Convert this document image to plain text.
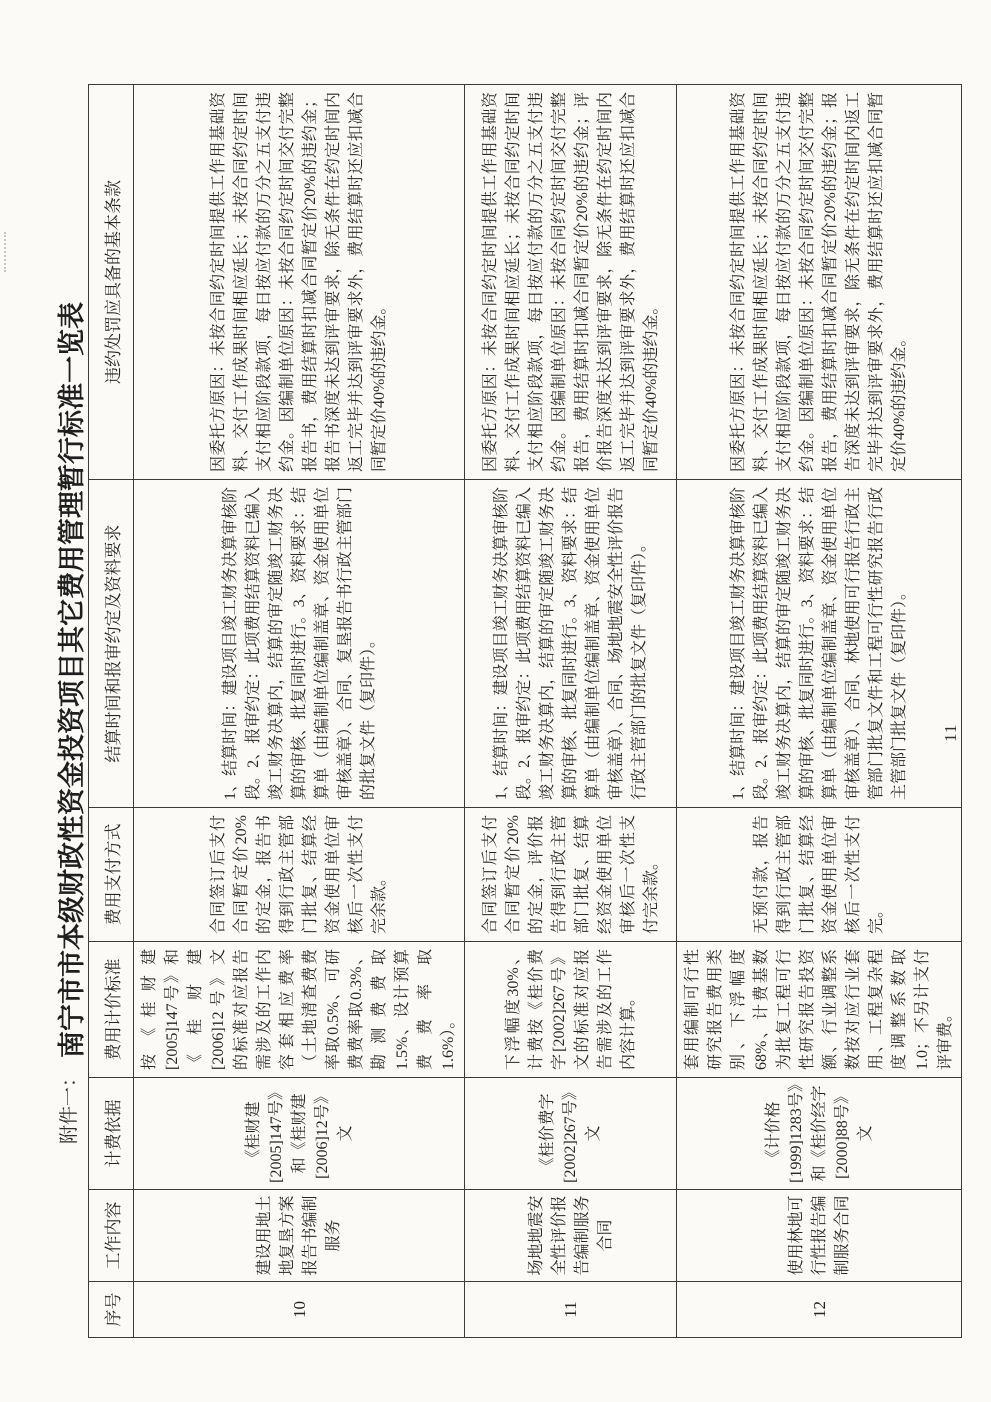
附件一：南宁市市本级财政性资金投资项目其它费用管理暂行标准一览表
序号	工作内容	计费依据	费用计价标准	费用支付方式	结算时间和报审约定及资料要求	违约处罚应具备的基本条款
10	建设用地土地复垦方案报告书编制服务	《桂财建[2005]147号》和《桂财建[2006]12号》文	按《桂财建[2005]147号》和《桂财建[2006]12号》文的标准对应报告需涉及的工作内容套相应费率（土地清查费费率取0.5%、可研费费率取0.3%、勘测费费取1.5%、设计预算费费率取1.6%）。	合同签订后支付合同暂定价20%的定金，报告书得到行政主管部门批复、结算经资金使用单位审核后一次性支付完余款。	1、结算时间：建设项目竣工财务决算审核阶段。2、报审约定：此项费用结算资料已编入竣工财务决算内，结算的审定随竣工财务决算的审核、批复同时进行。3、资料要求：结算单（由编制单位编制盖章、资金使用单位审核盖章）、合同、复垦报告书行政主管部门的批复文件（复印件）。	因委托方原因：未按合同约定时间提供工作用基础资料、交付工作成果时间相应延长；未按合同约定时间支付相应阶段款项，每日按应付款的万分之五支付违约金。因编制单位原因：未按合同约定时间交付完整报告书，费用结算时扣减合同暂定价20%的违约金；报告书深度未达到评审要求，除无条件在约定时间内返工完毕并达到评审要求外，费用结算时还应扣减合同暂定价40%的违约金。
11	场地地震安全性评价报告编制服务合同	《桂价费字[2002]267号》文	下浮幅度30%、计费按《桂价费字[2002]267号》文的标准对应报告需涉及的工作内容计算。	合同签订后支付合同暂定价20%的定金，评价报告得到行政主管部门批复、结算经资金使用单位审核后一次性支付完余款。	1、结算时间：建设项目竣工财务决算审核阶段。2、报审约定：此项费用结算资料已编入竣工财务决算内，结算的审定随竣工财务决算的审核、批复同时进行。3、资料要求：结算单（由编制单位编制盖章、资金使用单位审核盖章）、合同、场地地震安全性评价报告行政主管部门的批复文件（复印件）。	因委托方原因：未按合同约定时间提供工作用基础资料、交付工作成果时间相应延长；未按合同约定时间支付相应阶段款项，每日按应付款的万分之五支付违约金。因编制单位原因：未按合同约定时间交付完整报告，费用结算时扣减合同暂定价20%的违约金；评价报告深度未达到评审要求，除无条件在约定时间内返工完毕并达到评审要求外，费用结算时还应扣减合同暂定价40%的违约金。
12	使用林地可行性报告编制服务合同	《计价格[1999]1283号》和《桂价经字[2000]88号》文	套用编制可行性研究报告费用类别、下浮幅度68%、计费基数为批复工程可行性研究报告投资额、行业调整系数按对应行业套用、工程复杂程度调整系数取1.0；不另计支付评审费。	无预付款，报告得到行政主管部门批复、结算经资金使用单位审核后一次性支付完。	1、结算时间：建设项目竣工财务决算审核阶段。2、报审约定：此项费用结算资料已编入竣工财务决算内，结算的审定随竣工财务决算的审核、批复同时进行。3、资料要求：结算单（由编制单位编制盖章、资金使用单位审核盖章）、合同、林地使用可行报告行政主管部门批复文件和工程可行性研究报告行政主管部门批复文件（复印件）。	因委托方原因：未按合同约定时间提供工作用基础资料、交付工作成果时间相应延长；未按合同约定时间支付相应阶段款项，每日按应付款的万分之五支付违约金。因编制单位原因：未按合同约定时间交付完整报告，费用结算时扣减合同暂定价20%的违约金；报告深度未达到评审要求，除无条件在约定时间内返工完毕并达到评审要求外，费用结算时还应扣减合同暂定价40%的违约金。
11
